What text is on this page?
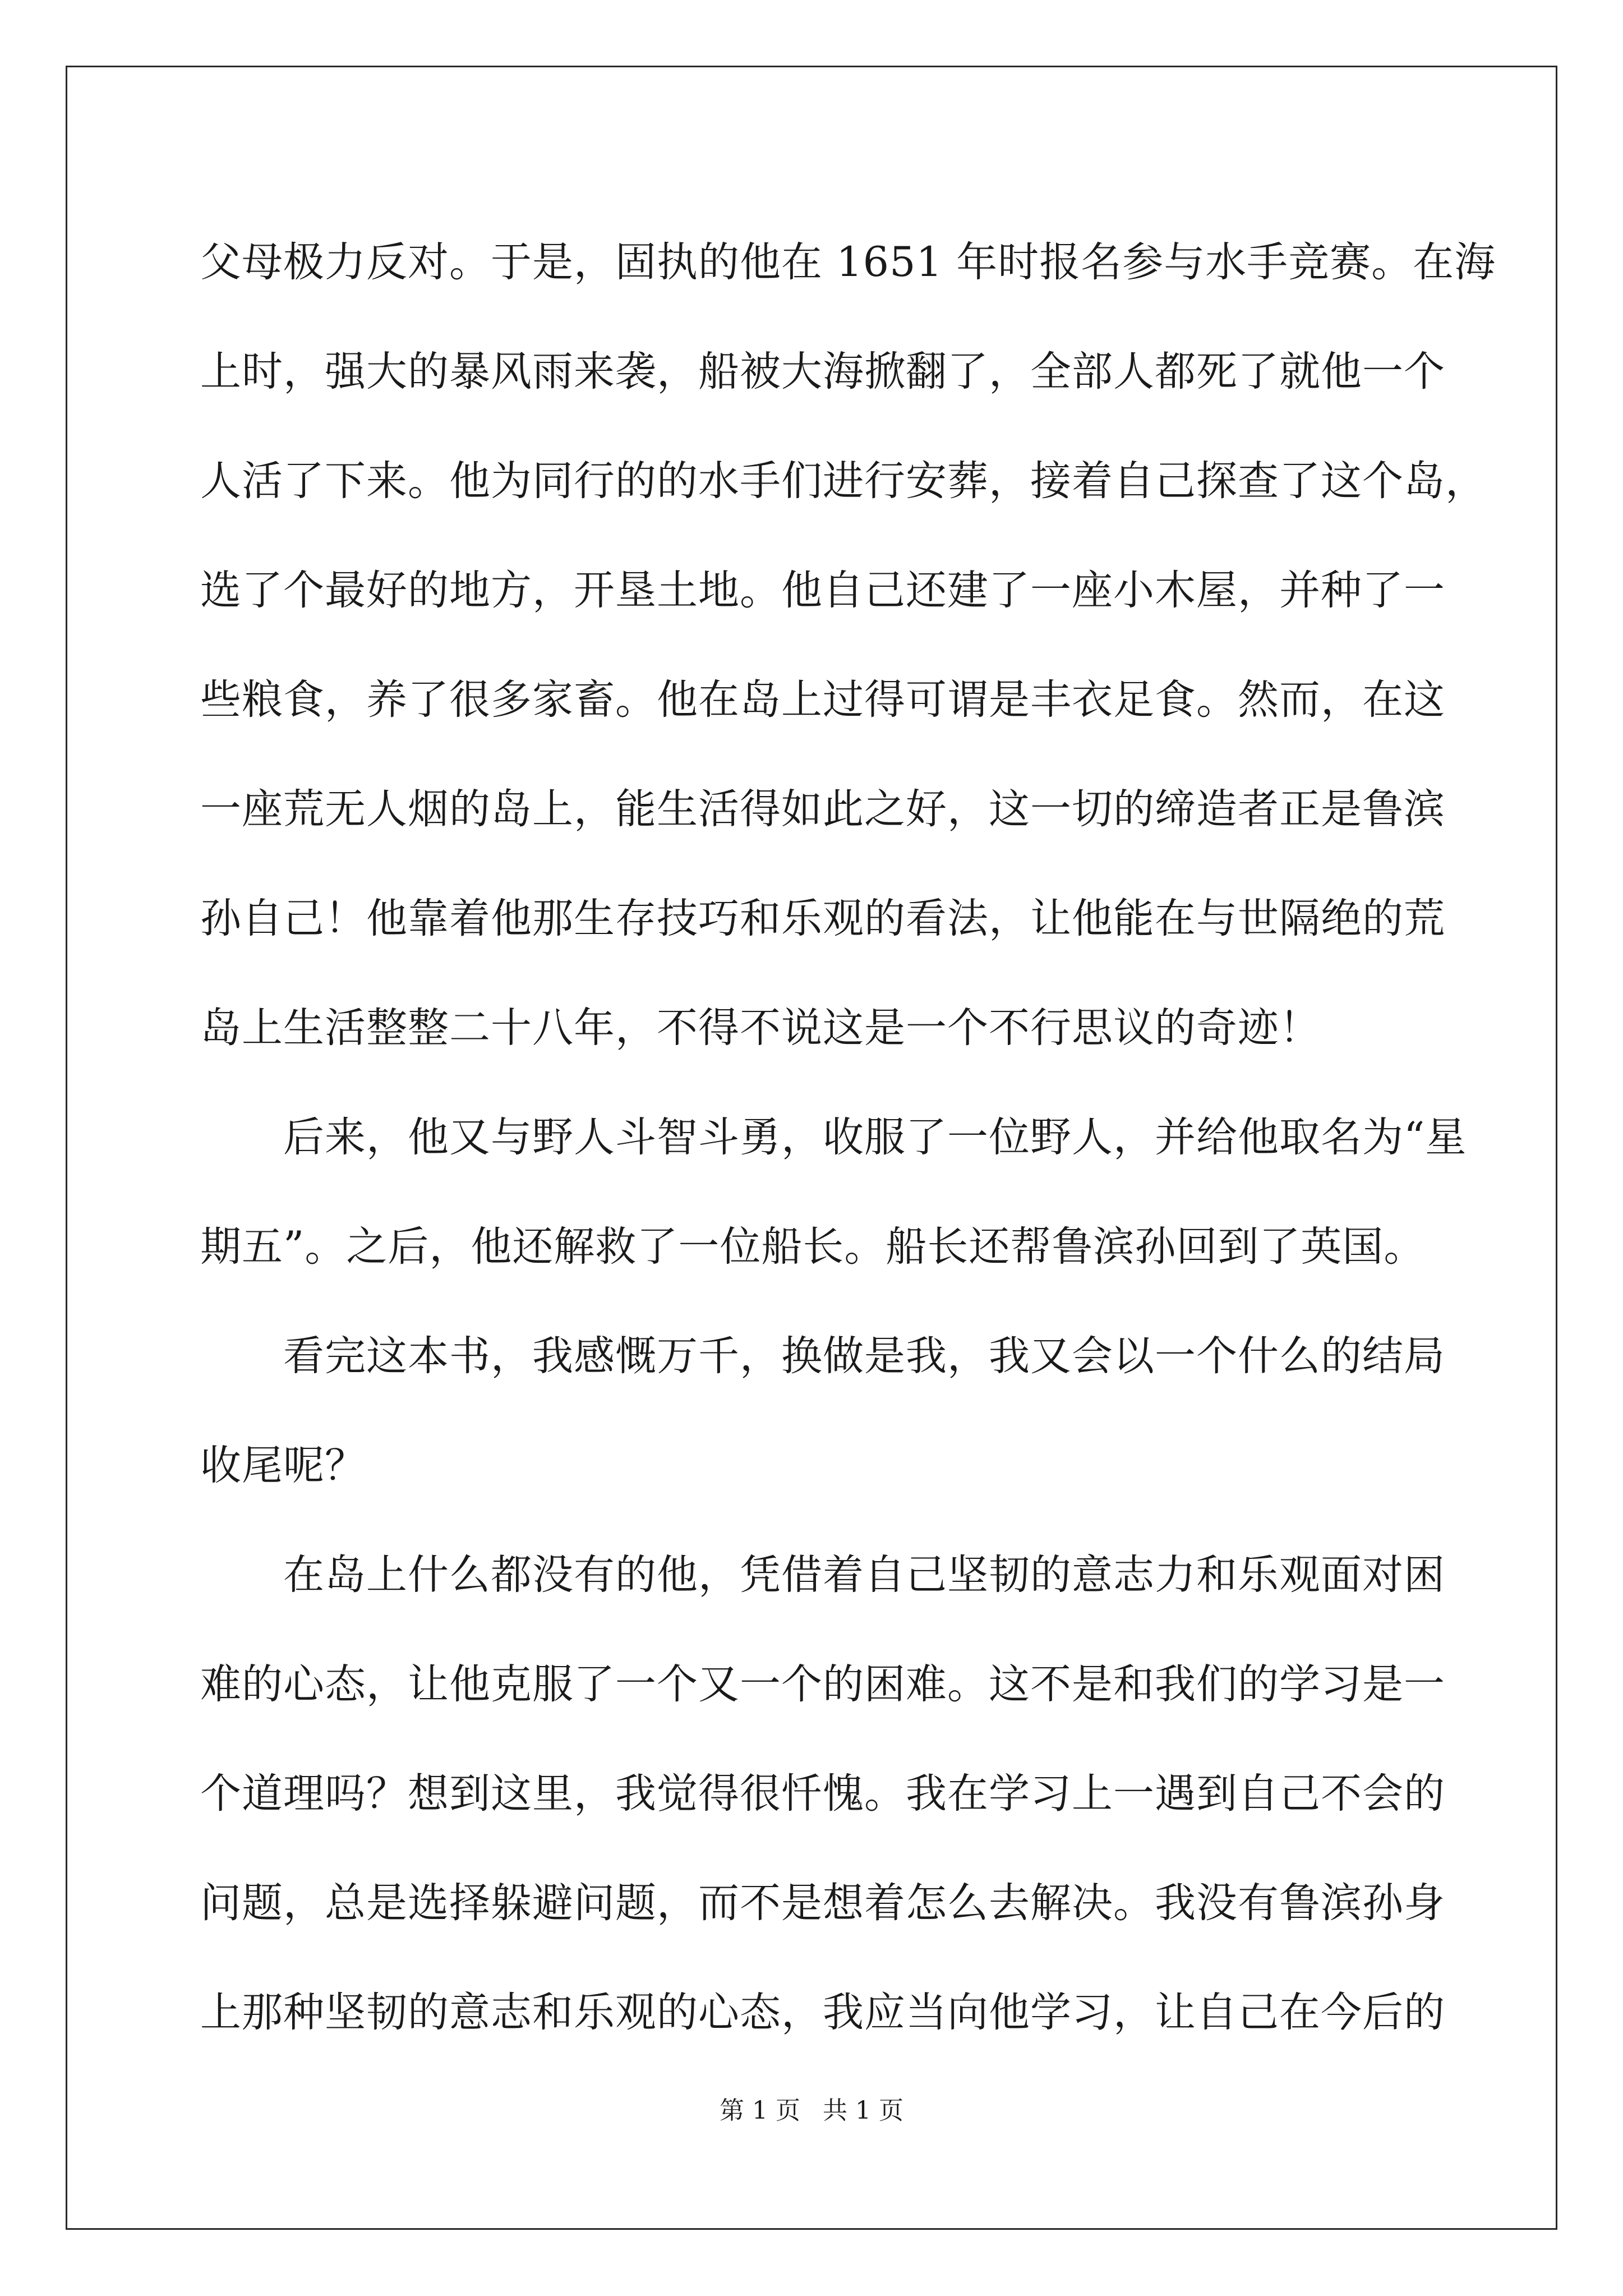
父母极力反对。于是，固执的他在 1651 年时报名参与水手竞赛。在海
上时，强大的暴风雨来袭，船被大海掀翻了，全部人都死了就他一个
人活了下来。他为同行的的水手们进行安葬，接着自己探查了这个岛，
选了个最好的地方，开垦土地。他自己还建了一座小木屋，并种了一
些粮食，养了很多家畜。他在岛上过得可谓是丰衣足食。然而，在这
一座荒无人烟的岛上，能生活得如此之好，这一切的缔造者正是鲁滨
孙自己！他靠着他那生存技巧和乐观的看法，让他能在与世隔绝的荒
岛上生活整整二十八年，不得不说这是一个不行思议的奇迹！
　　后来，他又与野人斗智斗勇，收服了一位野人，并给他取名为“星
期五”。之后，他还解救了一位船长。船长还帮鲁滨孙回到了英国。
　　看完这本书，我感慨万千，换做是我，我又会以一个什么的结局
收尾呢？
　　在岛上什么都没有的他，凭借着自己坚韧的意志力和乐观面对困
难的心态，让他克服了一个又一个的困难。这不是和我们的学习是一
个道理吗？想到这里，我觉得很忏愧。我在学习上一遇到自己不会的
问题，总是选择躲避问题，而不是想着怎么去解决。我没有鲁滨孙身
上那种坚韧的意志和乐观的心态，我应当向他学习，让自己在今后的
第 1 页 共 1 页
